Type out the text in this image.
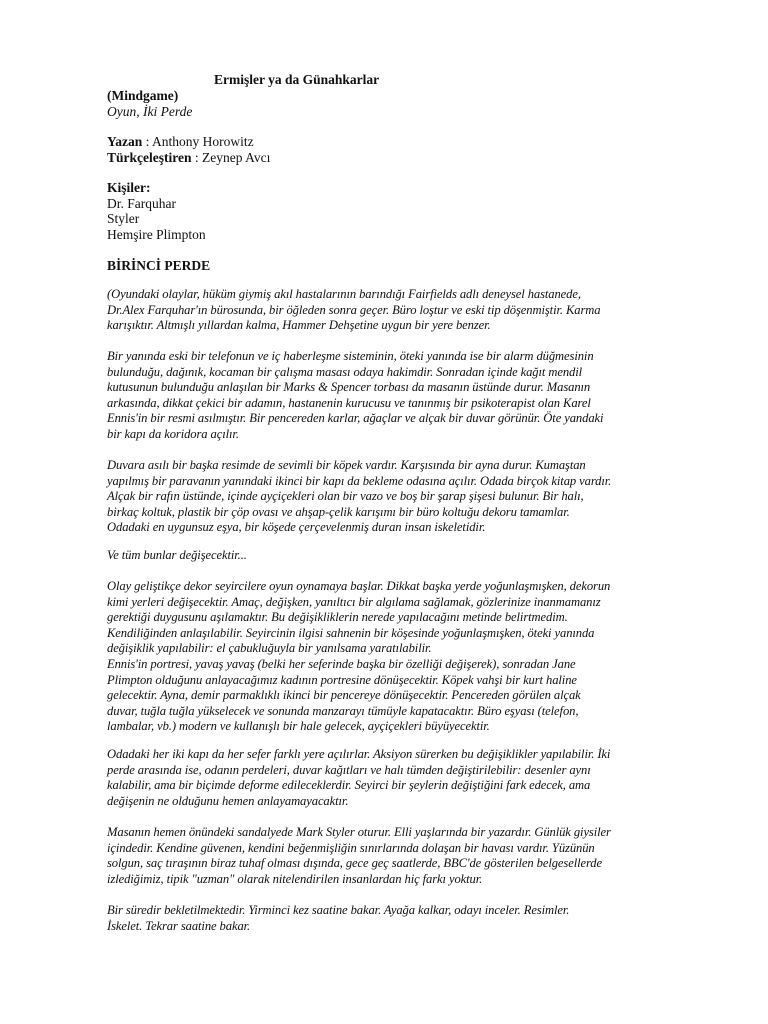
Ermişler ya da Günahkarlar
(Mindgame)
Oyun, İki Perde
Yazan : Anthony Horowitz
Türkçeleştiren : Zeynep Avcı
Kişiler:
Dr. Farquhar
Styler
Hemşire Plimpton
BİRİNCİ PERDE
(Oyundaki olaylar, hüküm giymiş akıl hastalarının barındığı Fairfields adlı deneysel hastanede,
Dr.Alex Farquhar'ın bürosunda, bir öğleden sonra geçer. Büro loştur ve eski tip döşenmiştir. Karma
karışıktır. Altmışlı yıllardan kalma, Hammer Dehşetine uygun bir yere benzer.
Bir yanında eski bir telefonun ve iç haberleşme sisteminin, öteki yanında ise bir alarm düğmesinin
bulunduğu, dağınık, kocaman bir çalışma masası odaya hakimdir. Sonradan içinde kağıt mendil
kutusunun bulunduğu anlaşılan bir Marks & Spencer torbası da masanın üstünde durur. Masanın
arkasında, dikkat çekici bir adamın, hastanenin kurucusu ve tanınmış bir psikoterapist olan Karel
Ennis'in bir resmi asılmıştır. Bir pencereden karlar, ağaçlar ve alçak bir duvar görünür. Öte yandaki
bir kapı da koridora açılır.
Duvara asılı bir başka resimde de sevimli bir köpek vardır. Karşısında bir ayna durur. Kumaştan
yapılmış bir paravanın yanındaki ikinci bir kapı da bekleme odasına açılır. Odada birçok kitap vardır.
Alçak bir rafın üstünde, içinde ayçiçekleri olan bir vazo ve boş bir şarap şişesi bulunur. Bir halı,
birkaç koltuk, plastik bir çöp ovası ve ahşap-çelik karışımı bir büro koltuğu dekoru tamamlar.
Odadaki en uygunsuz eşya, bir köşede çerçevelenmiş duran insan iskeletidir.
Ve tüm bunlar değişecektir...
Olay geliştikçe dekor seyircilere oyun oynamaya başlar. Dikkat başka yerde yoğunlaşmışken, dekorun
kimi yerleri değişecektir. Amaç, değişken, yanıltıcı bir algılama sağlamak, gözlerinize inanmamanız
gerektiği duygusunu aşılamaktır. Bu değişikliklerin nerede yapılacağını metinde belirtmedim.
Kendiliğinden anlaşılabilir. Seyircinin ilgisi sahnenin bir köşesinde yoğunlaşmışken, öteki yanında
değişiklik yapılabilir: el çabukluğuyla bir yanılsama yaratılabilir.
Ennis'in portresi, yavaş yavaş (belki her seferinde başka bir özelliği değişerek), sonradan Jane
Plimpton olduğunu anlayacağımız kadının portresine dönüşecektir. Köpek vahşi bir kurt haline
gelecektir. Ayna, demir parmaklıklı ikinci bir pencereye dönüşecektir. Pencereden görülen alçak
duvar, tuğla tuğla yükselecek ve sonunda manzarayı tümüyle kapatacaktır. Büro eşyası (telefon,
lambalar, vb.) modern ve kullanışlı bir hale gelecek, ayçiçekleri büyüyecektir.
Odadaki her iki kapı da her sefer farklı yere açılırlar. Aksiyon sürerken bu değişiklikler yapılabilir. İki
perde arasında ise, odanın perdeleri, duvar kağıtları ve halı tümden değiştirilebilir: desenler aynı
kalabilir, ama bir biçimde deforme edileceklerdir. Seyirci bir şeylerin değiştiğini fark edecek, ama
değişenin ne olduğunu hemen anlayamayacaktır.
Masanın hemen önündeki sandalyede Mark Styler oturur. Elli yaşlarında bir yazardır. Günlük giysiler
içindedir. Kendine güvenen, kendini beğenmişliğin sınırlarında dolaşan bir havası vardır. Yüzünün
solgun, saç tıraşının biraz tuhaf olması dışında, gece geç saatlerde, BBC'de gösterilen belgesellerde
izlediğimiz, tipik "uzman" olarak nitelendirilen insanlardan hiç farkı yoktur.
Bir süredir bekletilmektedir. Yirminci kez saatine bakar. Ayağa kalkar, odayı inceler. Resimler.
İskelet. Tekrar saatine bakar.
